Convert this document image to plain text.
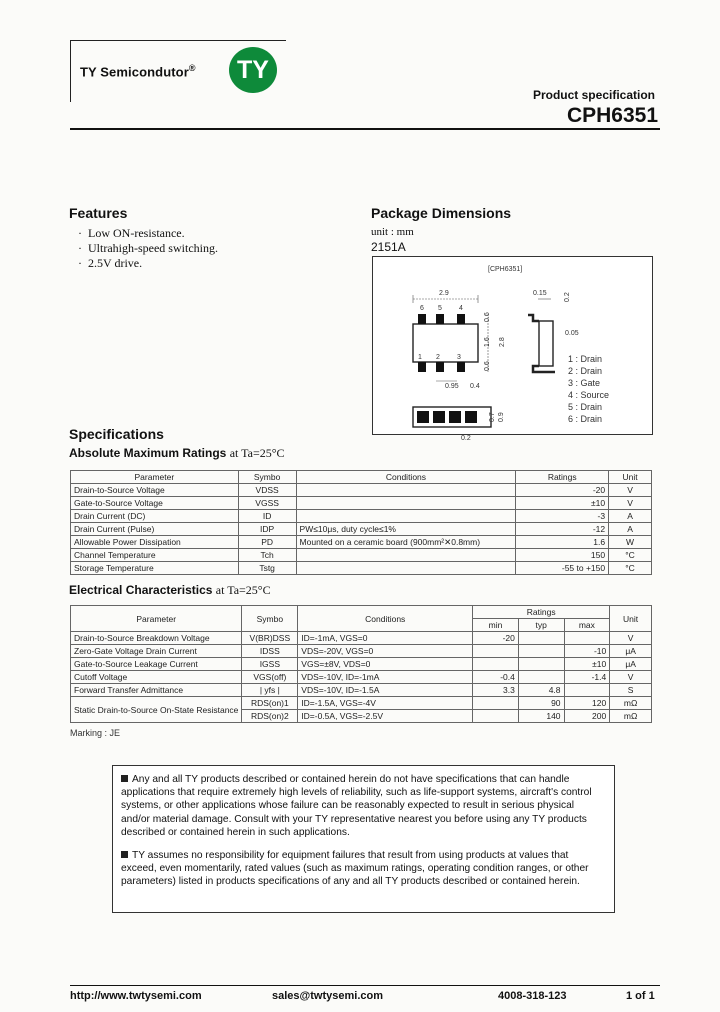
TY Semicondutor®	TY
Product specification
CPH6351
Features
·  Low ON-resistance.
·  Ultrahigh-speed switching.
·  2.5V drive.
Package Dimensions
unit : mm
2151A
[CPH6351]
6 5 4
1 2 3
2.9
0.6
1.6 2.8
0.6
0.95 0.4
0.7 0.9
0.15 0.2
0.05
0.2
1 : Drain
2 : Drain
3 : Gate
4 : Source
5 : Drain
6 : Drain
Specifications
Absolute Maximum Ratings at Ta=25°C
Parameter	Symbo	Conditions	Ratings	Unit
Drain-to-Source Voltage	VDSS		-20	V
Gate-to-Source Voltage	VGSS		±10	V
Drain Current (DC)	ID		-3	A
Drain Current (Pulse)	IDP	PW≤10μs, duty cycle≤1%	-12	A
Allowable Power Dissipation	PD	Mounted on a ceramic board (900mm²✕0.8mm)	1.6	W
Channel Temperature	Tch		150	°C
Storage Temperature	Tstg		-55 to +150	°C
Electrical Characteristics at Ta=25°C
Parameter	Symbo	Conditions	Ratings			Unit
			min	typ	max	
Drain-to-Source Breakdown Voltage	V(BR)DSS	ID=-1mA, VGS=0	-20			V
Zero-Gate Voltage Drain Current	IDSS	VDS=-20V, VGS=0			-10	μA
Gate-to-Source Leakage Current	IGSS	VGS=±8V, VDS=0			±10	μA
Cutoff Voltage	VGS(off)	VDS=-10V, ID=-1mA	-0.4		-1.4	V
Forward Transfer Admittance	| yfs |	VDS=-10V, ID=-1.5A	3.3	4.8		S
Static Drain-to-Source On-State Resistance	RDS(on)1	ID=-1.5A, VGS=-4V		90	120	mΩ
	RDS(on)2	ID=-0.5A, VGS=-2.5V		140	200	mΩ
Marking : JE
Any and all TY products described or contained herein do not have specifications that can handle applications that require extremely high levels of reliability, such as life-support systems, aircraft's control systems, or other applications whose failure can be reasonably expected to result in serious physical and/or material damage. Consult with your TY representative nearest you before using any TY products described or contained herein in such applications.
TY assumes no responsibility for equipment failures that result from using products at values that exceed, even momentarily, rated values (such as maximum ratings, operating condition ranges, or other parameters) listed in products specifications of any and all TY products described or contained herein.
http://www.twtysemi.com	sales@twtysemi.com	4008-318-123	1 of 1
